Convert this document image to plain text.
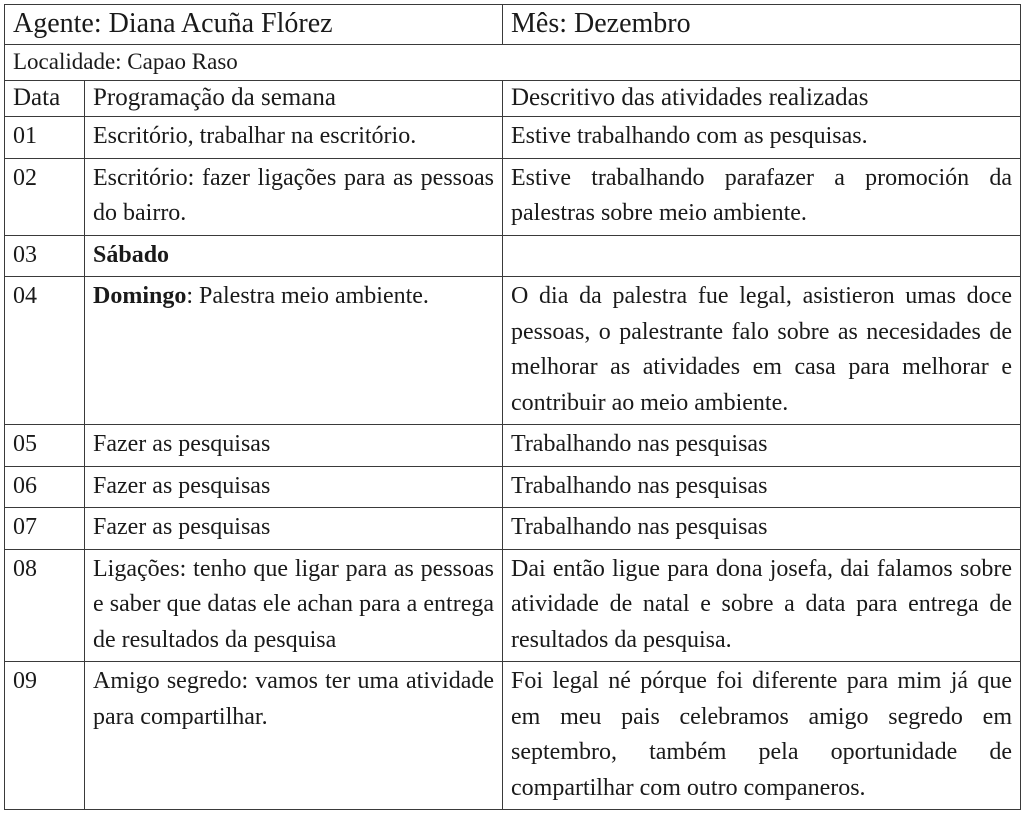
Agente: Diana Acuña Flórez		Mês: Dezembro
Localidade: Capao Raso		
Data	Programação da semana	Descritivo das atividades realizadas
01	Escritório, trabalhar na escritório.	Estive trabalhando com as pesquisas.
02	Escritório: fazer ligações para as pessoas do bairro.	Estive trabalhando parafazer a promoción da palestras sobre meio ambiente.
03	Sábado	
04	Domingo: Palestra meio ambiente.	O dia da palestra fue legal, asistieron umas doce pessoas, o palestrante falo sobre as necesidades de melhorar as atividades em casa para melhorar e contribuir ao meio ambiente.
05	Fazer as pesquisas	Trabalhando nas pesquisas
06	Fazer as pesquisas	Trabalhando nas pesquisas
07	Fazer as pesquisas	Trabalhando nas pesquisas
08	Ligações: tenho que ligar para as pessoas e saber que datas ele achan para a entrega de resultados da pesquisa	Dai então ligue para dona josefa, dai falamos sobre atividade de natal e sobre a data para entrega de resultados da pesquisa.
09	Amigo segredo: vamos ter uma atividade para compartilhar.	Foi legal né pórque foi diferente para mim já que em meu pais celebramos amigo segredo em septembro, também pela oportunidade de compartilhar com outro companeros.
